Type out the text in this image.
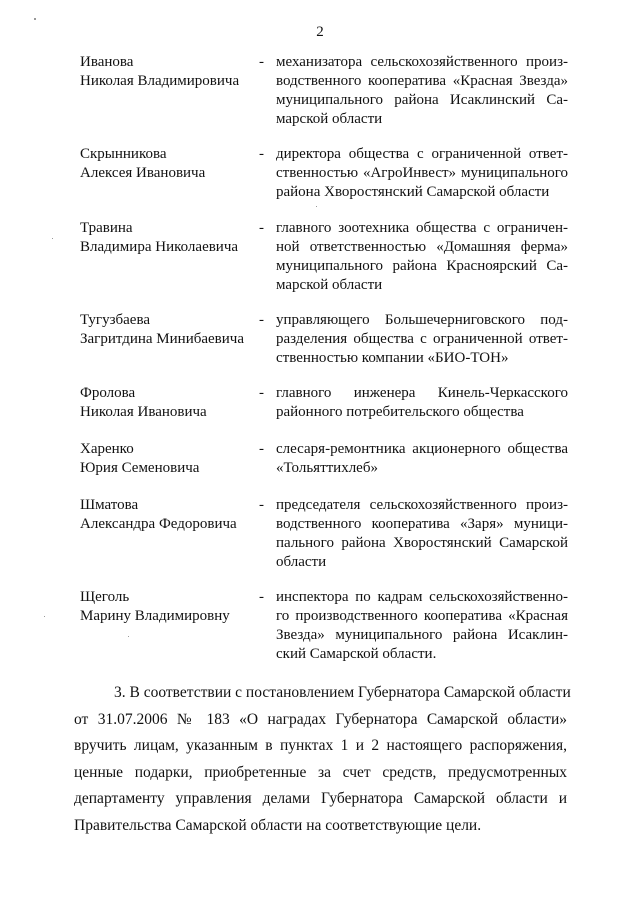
2
Иванова
Николая Владимировича
- механизатора сельскохозяйственного произ-
водственного кооператива «Красная Звезда»
муниципального района Исаклинский Са-
марской области
Скрынникова
Алексея Ивановича
- директора общества с ограниченной ответ-
ственностью «АгроИнвест» муниципального
района Хворостянский Самарской области
Травина
Владимира Николаевича
- главного зоотехника общества с ограничен-
ной ответственностью «Домашняя ферма»
муниципального района Красноярский Са-
марской области
Тугузбаева
Загритдина Минибаевича
- управляющего Большечерниговского под-
разделения общества с ограниченной ответ-
ственностью компании «БИО-ТОН»
Фролова
Николая Ивановича
- главного инженера Кинель-Черкасского
районного потребительского общества
Харенко
Юрия Семеновича
- слесаря-ремонтника акционерного общества
«Тольяттихлеб»
Шматова
Александра Федоровича
- председателя сельскохозяйственного произ-
водственного кооператива «Заря» муници-
пального района Хворостянский Самарской
области
Щеголь
Марину Владимировну
- инспектора по кадрам сельскохозяйственно-
го производственного кооператива «Красная
Звезда» муниципального района Исаклин-
ский Самарской области.
3. В соответствии с постановлением Губернатора Самарской области
от 31.07.2006 № 183 «О наградах Губернатора Самарской области»
вручить лицам, указанным в пунктах 1 и 2 настоящего распоряжения,
ценные подарки, приобретенные за счет средств, предусмотренных
департаменту управления делами Губернатора Самарской области и
Правительства Самарской области на соответствующие цели.
